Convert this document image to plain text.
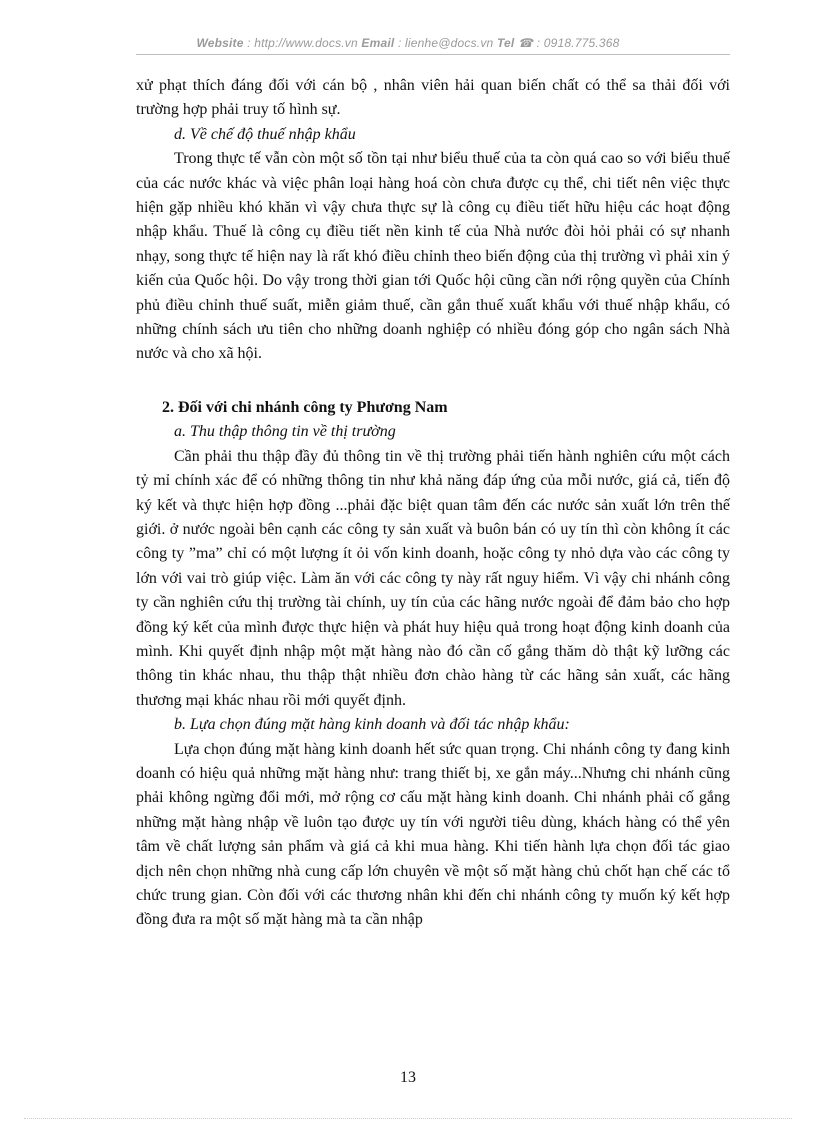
Website : http://www.docs.vn Email : lienhe@docs.vn Tel ☎ : 0918.775.368

xử phạt thích đáng đối với cán bộ , nhân viên hải quan biến chất có thể sa thải đối với trường hợp phải truy tố hình sự.

d. Về chế độ thuế nhập khẩu

Trong thực tế vẫn còn một số tồn tại như biểu thuế của ta còn quá cao so với biểu thuế của các nước khác và việc phân loại hàng hoá còn chưa được cụ thể, chi tiết nên việc thực hiện gặp nhiều khó khăn vì vậy chưa thực sự là công cụ điều tiết hữu hiệu các hoạt động nhập khẩu. Thuế là công cụ điều tiết nền kinh tế của Nhà nước đòi hỏi phải có sự nhanh nhạy, song thực tế hiện nay là rất khó điều chỉnh theo biến động của thị trường vì phải xin ý kiến của Quốc hội. Do vậy trong thời gian tới Quốc hội cũng cần nới rộng quyền của Chính phủ điều chỉnh thuế suất, miễn giảm thuế, cần gắn thuế xuất khẩu với thuế nhập khẩu, có những chính sách ưu tiên cho những doanh nghiệp có nhiều đóng góp cho ngân sách Nhà nước và cho xã hội.

2. Đối với chi nhánh công ty Phương Nam

a. Thu thập thông tin về thị trường

Cần phải thu thập đầy đủ thông tin về thị trường phải tiến hành nghiên cứu một cách tỷ mỉ chính xác để có những thông tin như khả năng đáp ứng của mỗi nước, giá cả, tiến độ ký kết và thực hiện hợp đồng ...phải đặc biệt quan tâm đến các nước sản xuất lớn trên thế giới. ở nước ngoài bên cạnh các công ty sản xuất và buôn bán có uy tín thì còn không ít các công ty ”ma” chỉ có một lượng ít ỏi vốn kinh doanh, hoặc công ty nhỏ dựa vào các công ty lớn với vai trò giúp việc. Làm ăn với các công ty này rất nguy hiểm. Vì vậy chi nhánh công ty cần nghiên cứu thị trường tài chính, uy tín của các hãng nước ngoài để đảm bảo cho hợp đồng ký kết của mình được thực hiện và phát huy hiệu quả trong hoạt động kinh doanh của mình. Khi quyết định nhập một mặt hàng nào đó cần cố gắng thăm dò thật kỹ lưỡng các thông tin khác nhau, thu thập thật nhiều đơn chào hàng từ các hãng sản xuất, các hãng thương mại khác nhau rồi mới quyết định.

b. Lựa chọn đúng mặt hàng kinh doanh và đối tác nhập khẩu:

Lựa chọn đúng mặt hàng kinh doanh hết sức quan trọng. Chi nhánh công ty đang kinh doanh có hiệu quả những mặt hàng như: trang thiết bị, xe gắn máy...Nhưng chi nhánh cũng phải không ngừng đổi mới, mở rộng cơ cấu mặt hàng kinh doanh. Chi nhánh phải cố gắng những mặt hàng nhập về luôn tạo được uy tín với người tiêu dùng, khách hàng có thể yên tâm về chất lượng sản phẩm và giá cả khi mua hàng. Khi tiến hành lựa chọn đối tác giao dịch nên chọn những nhà cung cấp lớn chuyên về một số mặt hàng chủ chốt hạn chế các tổ chức trung gian. Còn đối với các thương nhân khi đến chi nhánh công ty muốn ký kết hợp đồng đưa ra một số mặt hàng mà ta cần nhập

13
